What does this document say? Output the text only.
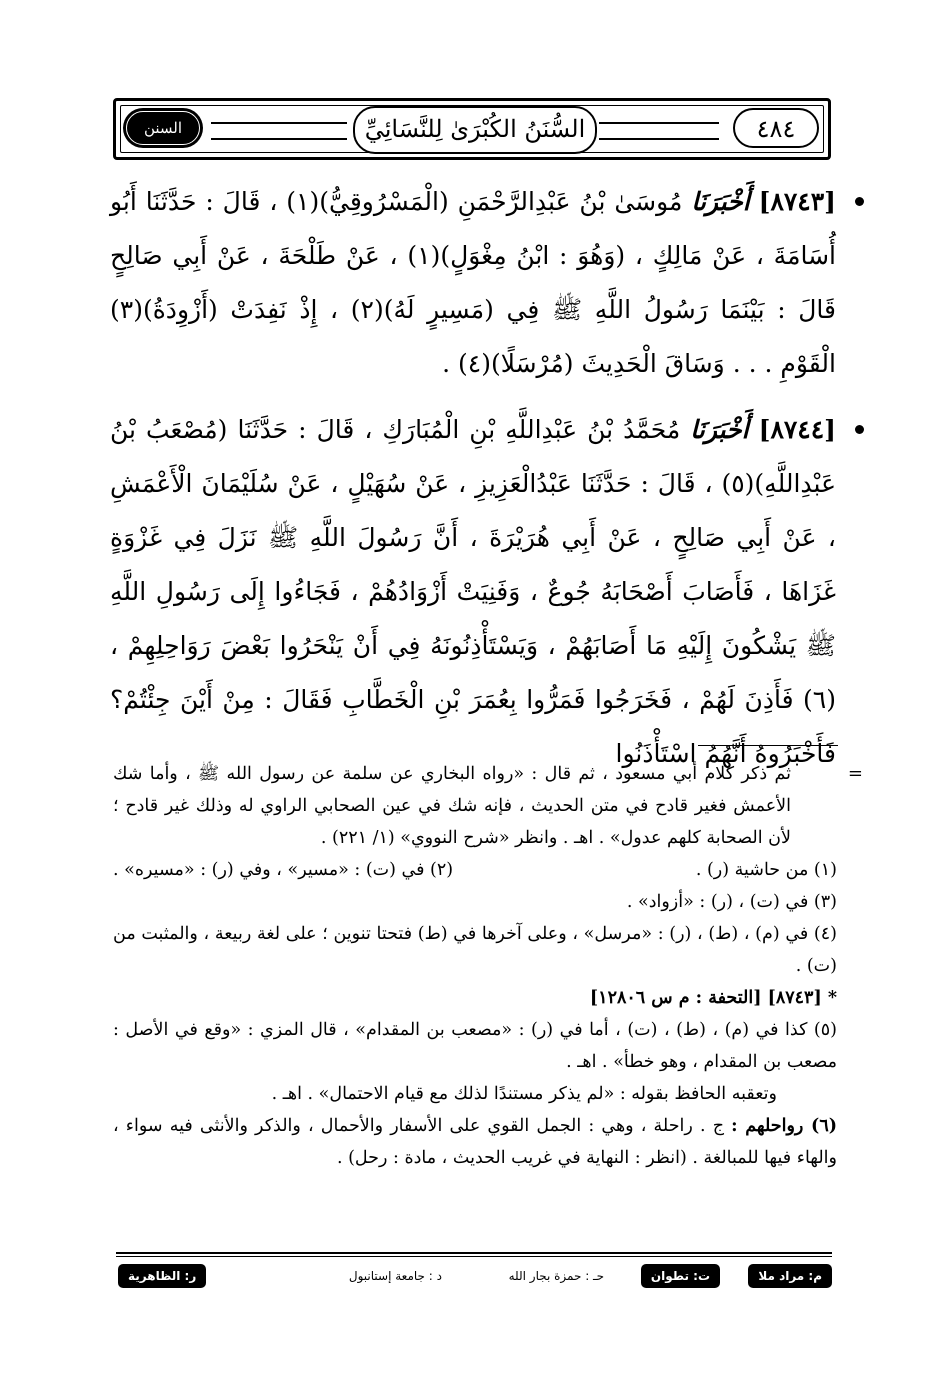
السنن الكبرى
السُّنَنُ الكُبْرَىٰ لِلنَّسَائِيِّ	٤٨٤

[٨٧٤٣] أَخْبَرَنَا مُوسَىٰ بْنُ عَبْدِالرَّحْمَنِ (الْمَسْرُوقِيُّ)(١) ، قَالَ : حَدَّثَنَا أَبُو أُسَامَةَ ، عَنْ مَالِكٍ ، (وَهُوَ : ابْنُ مِغْوَلٍ)(١) ، عَنْ طَلْحَةَ ، عَنْ أَبِي صَالِحٍ قَالَ : بَيْنَمَا رَسُولُ اللَّهِ ﷺ فِي (مَسِيرٍ لَهُ)(٢) ، إِذْ نَفِدَتْ (أَزْوِدَةُ)(٣) الْقَوْمِ . . . وَسَاقَ الْحَدِيثَ (مُرْسَلًا)(٤) .

[٨٧٤٤] أَخْبَرَنَا مُحَمَّدُ بْنُ عَبْدِاللَّهِ بْنِ الْمُبَارَكِ ، قَالَ : حَدَّثَنَا (مُصْعَبُ بْنُ عَبْدِاللَّهِ)(٥) ، قَالَ : حَدَّثَنَا عَبْدُالْعَزِيزِ ، عَنْ سُهَيْلٍ ، عَنْ سُلَيْمَانَ الْأَعْمَشِ ، عَنْ أَبِي صَالِحٍ ، عَنْ أَبِي هُرَيْرَةَ ، أَنَّ رَسُولَ اللَّهِ ﷺ نَزَلَ فِي غَزْوَةٍ غَزَاهَا ، فَأَصَابَ أَصْحَابَهُ جُوعٌ ، وَفَنِيَتْ أَزْوَادُهُمْ ، فَجَاءُوا إِلَى رَسُولِ اللَّهِ ﷺ يَشْكُونَ إِلَيْهِ مَا أَصَابَهُمْ ، وَيَسْتَأْذِنُونَهُ فِي أَنْ يَنْحَرُوا بَعْضَ رَوَاحِلِهِمْ ،(٦) فَأَذِنَ لَهُمْ ، فَخَرَجُوا فَمَرُّوا بِعُمَرَ بْنِ الْخَطَّابِ فَقَالَ : مِنْ أَيْنَ جِئْتُمْ؟ فَأَخْبَرُوهُ أَنَّهُمُ اسْتَأْذَنُوا

=
ثم ذكر كلام أبي مسعود ، ثم قال : «رواه البخاري عن سلمة عن رسول الله ﷺ ، وأما شك الأعمش فغير قادح في متن الحديث ، فإنه شك في عين الصحابي الراوي له وذلك غير قادح ؛ لأن الصحابة كلهم عدول» . اهـ . وانظر «شرح النووي» (١/ ٢٢١) .
(١) من حاشية (ر) .
(٢) في (ت) : «مسير» ، وفي (ر) : «مسيره» .

(٣) في (ت) ، (ر) : «أزواد» .

(٤) في (م) ، (ط) ، (ر) : «مرسل» ، وعلى آخرها في (ط) فتحتا تنوين ؛ على لغة ربيعة ، والمثبت من (ت) .

* [٨٧٤٣] [التحفة : م س ١٢٨٠٦]

(٥) كذا في (م) ، (ط) ، (ت) ، أما في (ر) : «مصعب بن المقدام» ، قال المزي : «وقع في الأصل : مصعب بن المقدام ، وهو خطأ» . اهـ .

وتعقبه الحافظ بقوله : «لم يذكر مستندًا لذلك مع قيام الاحتمال» . اهـ .

(٦) رواحلهم : ج . راحلة ، وهي : الجمل القوي على الأسفار والأحمال ، والذكر والأنثى فيه سواء ، والهاء فيها للمبالغة . (انظر : النهاية في غريب الحديث ، مادة : رحل) .

م: مراد ملا
ت: تطوان
حـ : حمزة بجار الله
د : جامعة إستانبول
ر: الظاهرية
